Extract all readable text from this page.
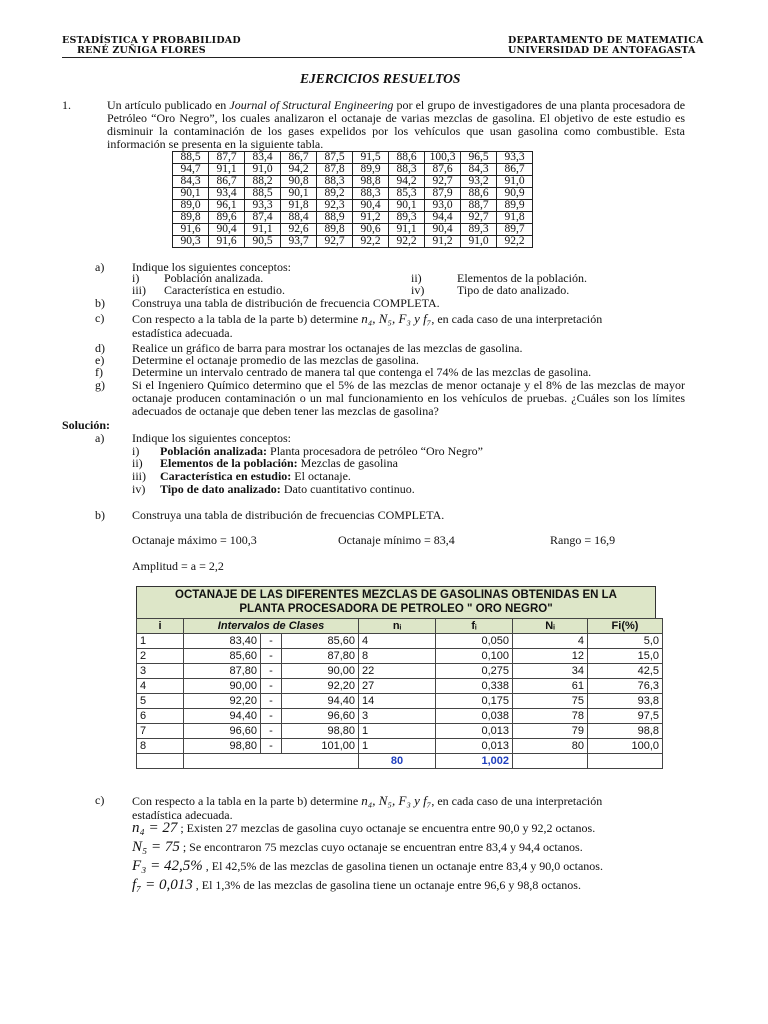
ESTADÍSTICA Y PROBABILIDAD
RENÉ ZUÑIGA FLORES
DEPARTAMENTO DE MATEMATICA
UNIVERSIDAD DE ANTOFAGASTA
EJERCICIOS RESUELTOS
1.	Un artículo publicado en Journal of Structural Engineering por el grupo de investigadores de una planta procesadora de Petróleo “Oro Negro”, los cuales analizaron el octanaje de varias mezclas de gasolina. El objetivo de este estudio es disminuir la contaminación de los gases expelidos por los vehículos que usan gasolina como combustible. Esta información se presenta en la siguiente tabla.
88,5	87,7	83,4	86,7	87,5	91,5	88,6	100,3	96,5	93,3
94,7	91,1	91,0	94,2	87,8	89,9	88,3	87,6	84,3	86,7
84,3	86,7	88,2	90,8	88,3	98,8	94,2	92,7	93,2	91,0
90,1	93,4	88,5	90,1	89,2	88,3	85,3	87,9	88,6	90,9
89,0	96,1	93,3	91,8	92,3	90,4	90,1	93,0	88,7	89,9
89,8	89,6	87,4	88,4	88,9	91,2	89,3	94,4	92,7	91,8
91,6	90,4	91,1	92,6	89,8	90,6	91,1	90,4	89,3	89,7
90,3	91,6	90,5	93,7	92,7	92,2	92,2	91,2	91,0	92,2
a) Indique los siguientes conceptos:
i) Población analizada.	ii)	Elementos de la población.
iii) Característica en estudio.	iv)	Tipo de dato analizado.
b) Construya una tabla de distribución de frecuencia COMPLETA.
c) Con respecto a la tabla de la parte b) determine n₄, N₅, F₃ y f₇, en cada caso de una interpretación
estadística adecuada.
d) Realice un gráfico de barra para mostrar los octanajes de las mezclas de gasolina.
e) Determine el octanaje promedio de las mezclas de gasolina.
f) Determine un intervalo centrado de manera tal que contenga el 74% de las mezclas de gasolina.
g) Si el Ingeniero Químico determino que el 5% de las mezclas de menor octanaje y el 8% de las mezclas de mayor octanaje producen contaminación o un mal funcionamiento en los vehículos de pruebas. ¿Cuáles son los límites adecuados de octanaje que deben tener las mezclas de gasolina?
Solución:
a) Indique los siguientes conceptos:
i) Población analizada: Planta procesadora de petróleo “Oro Negro”
ii) Elementos de la población: Mezclas de gasolina
iii) Característica en estudio: El octanaje.
iv) Tipo de dato analizado: Dato cuantitativo continuo.
b) Construya una tabla de distribución de frecuencias COMPLETA.
Octanaje máximo = 100,3	Octanaje mínimo = 83,4	Rango = 16,9
Amplitud = a = 2,2
OCTANAJE DE LAS DIFERENTES MEZCLAS DE GASOLINAS OBTENIDAS EN LA
PLANTA PROCESADORA DE PETROLEO " ORO NEGRO"
i	Intervalos de Clases			nᵢ	fᵢ	Nᵢ	Fi(%)
1	83,40	-	85,60	4	0,050	4	5,0
2	85,60	-	87,80	8	0,100	12	15,0
3	87,80	-	90,00	22	0,275	34	42,5
4	90,00	-	92,20	27	0,338	61	76,3
5	92,20	-	94,40	14	0,175	75	93,8
6	94,40	-	96,60	3	0,038	78	97,5
7	96,60	-	98,80	1	0,013	79	98,8
8	98,80	-	101,00	1	0,013	80	100,0
				80	1,002		
c) Con respecto a la tabla en la parte b) determine n₄, N₅, F₃ y f₇, en cada caso de una interpretación
estadística adecuada.
n₄ = 27 ; Existen 27 mezclas de gasolina cuyo octanaje se encuentra entre 90,0 y 92,2 octanos.
N₅ = 75 ; Se encontraron 75 mezclas cuyo octanaje se encuentran entre 83,4 y 94,4 octanos.
F₃ = 42,5% , El 42,5% de las mezclas de gasolina tienen un octanaje entre 83,4 y 90,0 octanos.
f₇ = 0,013 , El 1,3% de las mezclas de gasolina tiene un octanaje entre 96,6 y 98,8 octanos.
